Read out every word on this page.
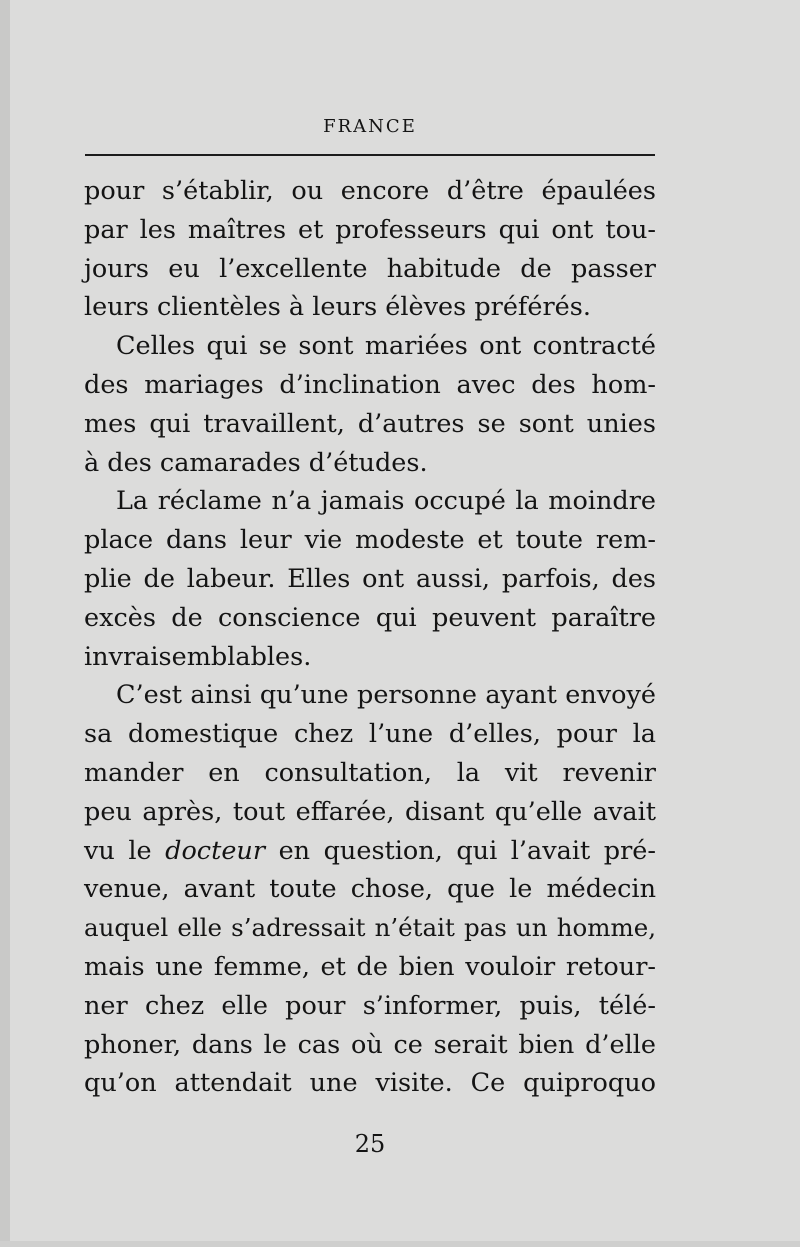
FRANCE
pour s’établir, ou encore d’être épaulées
par les maîtres et professeurs qui ont tou-
jours eu l’excellente habitude de passer
leurs clientèles à leurs élèves préférés.
Celles qui se sont mariées ont contracté
des mariages d’inclination avec des hom-
mes qui travaillent, d’autres se sont unies
à des camarades d’études.
La réclame n’a jamais occupé la moindre
place dans leur vie modeste et toute rem-
plie de labeur. Elles ont aussi, parfois, des
excès de conscience qui peuvent paraître
invraisemblables.
C’est ainsi qu’une personne ayant envoyé
sa domestique chez l’une d’elles, pour la
mander en consultation, la vit revenir
peu après, tout effarée, disant qu’elle avait
vu le docteur en question, qui l’avait pré-
venue, avant toute chose, que le médecin
auquel elle s’adressait n’était pas un homme,
mais une femme, et de bien vouloir retour-
ner chez elle pour s’informer, puis, télé-
phoner, dans le cas où ce serait bien d’elle
qu’on attendait une visite. Ce quiproquo
25
